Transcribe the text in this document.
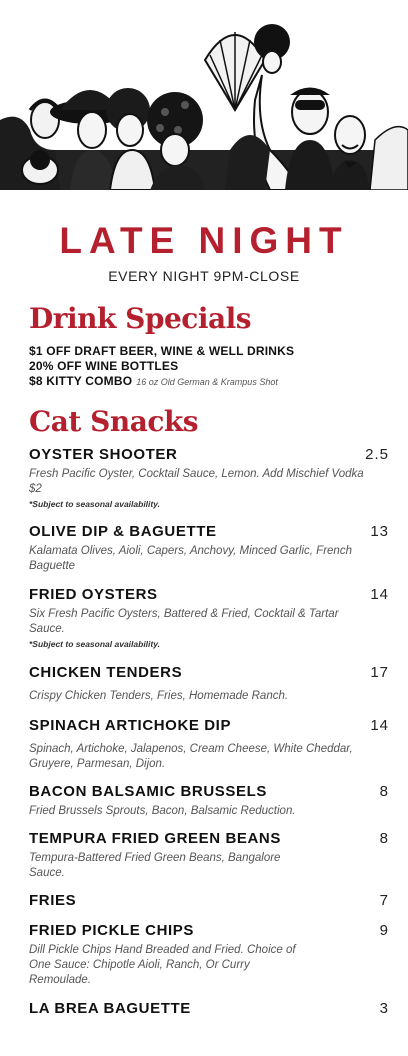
LATE NIGHT
EVERY NIGHT 9PM-CLOSE
Drink Specials
$1 OFF DRAFT BEER, WINE & WELL DRINKS
20% OFF WINE BOTTLES
$8 KITTY COMBO 16 oz Old German & Krampus Shot
Cat Snacks
OYSTER SHOOTER	2.5
Fresh Pacific Oyster, Cocktail Sauce, Lemon. Add Mischief Vodka $2
*Subject to seasonal availability.
OLIVE DIP & BAGUETTE	13
Kalamata Olives, Aioli, Capers, Anchovy, Minced Garlic, French Baguette
FRIED OYSTERS	14
Six Fresh Pacific Oysters, Battered & Fried, Cocktail & Tartar Sauce.
*Subject to seasonal availability.
CHICKEN TENDERS	17
Crispy Chicken Tenders, Fries, Homemade Ranch.
SPINACH ARTICHOKE DIP	14
Spinach, Artichoke, Jalapenos, Cream Cheese, White Cheddar, Gruyere, Parmesan, Dijon.
BACON BALSAMIC BRUSSELS	8
Fried Brussels Sprouts, Bacon, Balsamic Reduction.
TEMPURA FRIED GREEN BEANS	8
Tempura-Battered Fried Green Beans, Bangalore Sauce.
FRIES	7
FRIED PICKLE CHIPS	9
Dill Pickle Chips Hand Breaded and Fried. Choice of One Sauce: Chipotle Aioli, Ranch, Or Curry Remoulade.
LA BREA BAGUETTE	3
